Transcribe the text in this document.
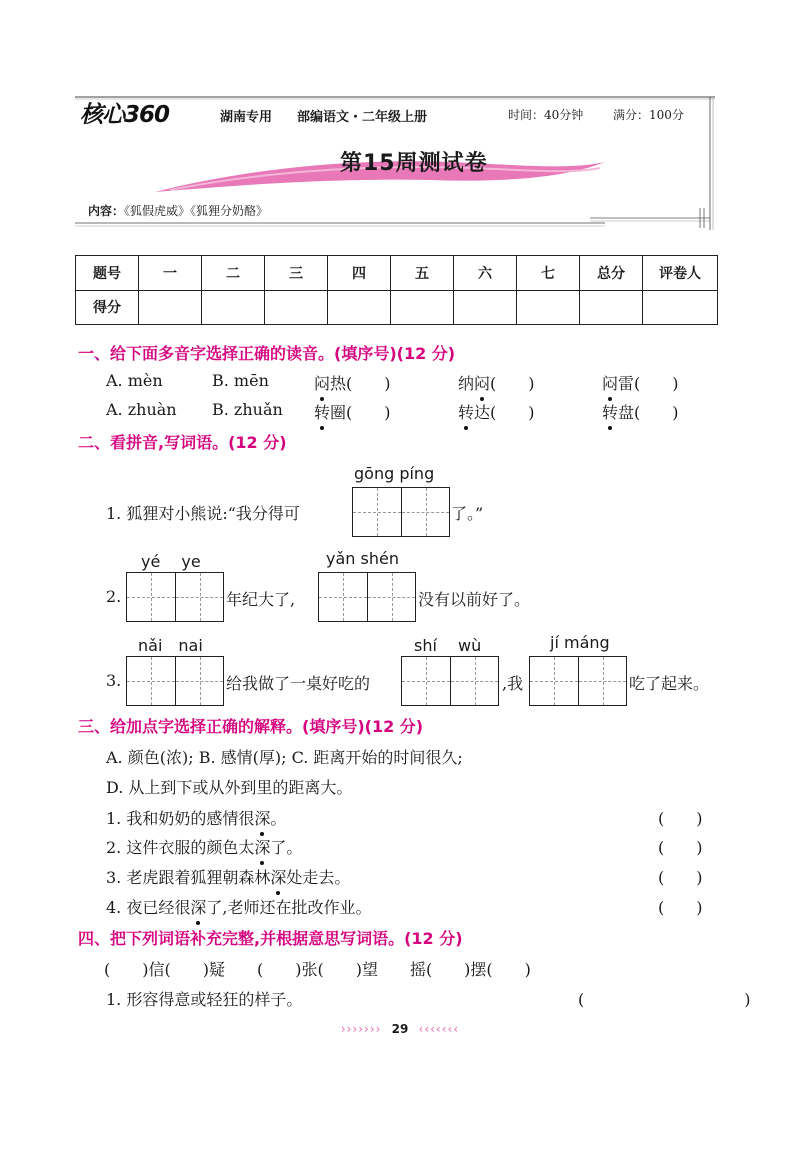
核心360	湖南专用 部编语文・二年级上册	时间：40分钟 满分：100分
第15周测试卷
内容：《狐假虎威》《狐狸分奶酪》
题号	一	二	三	四	五	六	七	总分	评卷人
得分									
一、给下面多音字选择正确的读音。(填序号)(12 分)
A. mèn	B. mēn	闷热(　　)	纳闷(　　)	闷雷(　　)
A. zhuàn B. zhuǎn 转圈(　　)	转达(　　)	转盘(　　)
二、看拼音,写词语。(12 分)
gōng píng
1. 狐狸对小熊说:“我分得可	了。”
yé　 ye
2.	年纪大了,
yǎn shén
没有以前好了。
nǎi　nai
3.	给我做了一桌好吃的
shí　 wù
,我
jí máng
吃了起来。
三、给加点字选择正确的解释。(填序号)(12 分)
A. 颜色(浓); B. 感情(厚); C. 距离开始的时间很久;
D. 从上到下或从外到里的距离大。
1. 我和奶奶的感情很深。	(　　)
2. 这件衣服的颜色太深了。	(　　)
3. 老虎跟着狐狸朝森林深处走去。	(　　)
4. 夜已经很深了,老师还在批改作业。	(　　)
四、把下列词语补充完整,并根据意思写词语。(12 分)
(　　)信(　　)疑　　(　　)张(　　)望　　摇(　　)摆(　　)
1. 形容得意或轻狂的样子。	(　　　　　　　　　　)
››››››› 29 ‹‹‹‹‹‹‹
